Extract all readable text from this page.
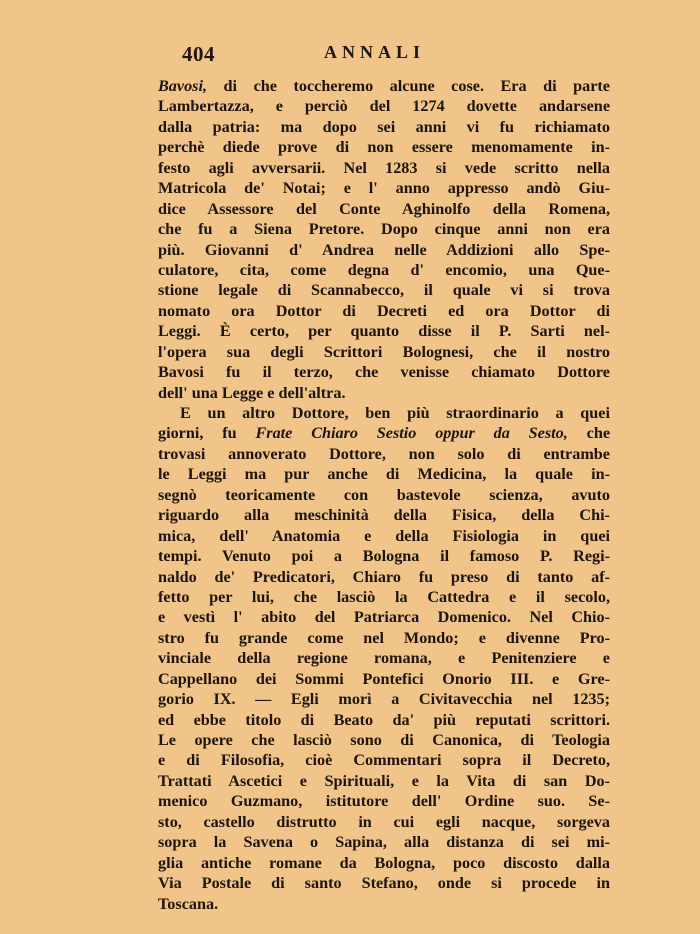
404	ANNALI
Bavosi, di che toccheremo alcune cose. Era di parte
Lambertazza, e perciò del 1274 dovette andarsene
dalla patria: ma dopo sei anni vi fu richiamato
perchè diede prove di non essere menomamente in-
festo agli avversarii. Nel 1283 si vede scritto nella
Matricola de' Notai; e l' anno appresso andò Giu-
dice Assessore del Conte Aghinolfo della Romena,
che fu a Siena Pretore. Dopo cinque anni non era
più. Giovanni d' Andrea nelle Addizioni allo Spe-
culatore, cita, come degna d' encomio, una Que-
stione legale di Scannabecco, il quale vi si trova
nomato ora Dottor di Decreti ed ora Dottor di
Leggi. È certo, per quanto disse il P. Sarti nel-
l'opera sua degli Scrittori Bolognesi, che il nostro
Bavosi fu il terzo, che venisse chiamato Dottore
dell' una Legge e dell'altra.
E un altro Dottore, ben più straordinario a quei
giorni, fu Frate Chiaro Sestio oppur da Sesto, che
trovasi annoverato Dottore, non solo di entrambe
le Leggi ma pur anche di Medicina, la quale in-
segnò teoricamente con bastevole scienza, avuto
riguardo alla meschinità della Fisica, della Chi-
mica, dell' Anatomia e della Fisiologia in quei
tempi. Venuto poi a Bologna il famoso P. Regi-
naldo de' Predicatori, Chiaro fu preso di tanto af-
fetto per lui, che lasciò la Cattedra e il secolo,
e vestì l' abito del Patriarca Domenico. Nel Chio-
stro fu grande come nel Mondo; e divenne Pro-
vinciale della regione romana, e Penitenziere e
Cappellano dei Sommi Pontefici Onorio III. e Gre-
gorio IX. — Egli morì a Civitavecchia nel 1235;
ed ebbe titolo di Beato da' più reputati scrittori.
Le opere che lasciò sono di Canonica, di Teologia
e di Filosofia, cioè Commentari sopra il Decreto,
Trattati Ascetici e Spirituali, e la Vita di san Do-
menico Guzmano, istitutore dell' Ordine suo. Se-
sto, castello distrutto in cui egli nacque, sorgeva
sopra la Savena o Sapina, alla distanza di sei mi-
glia antiche romane da Bologna, poco discosto dalla
Via Postale di santo Stefano, onde si procede in
Toscana.
